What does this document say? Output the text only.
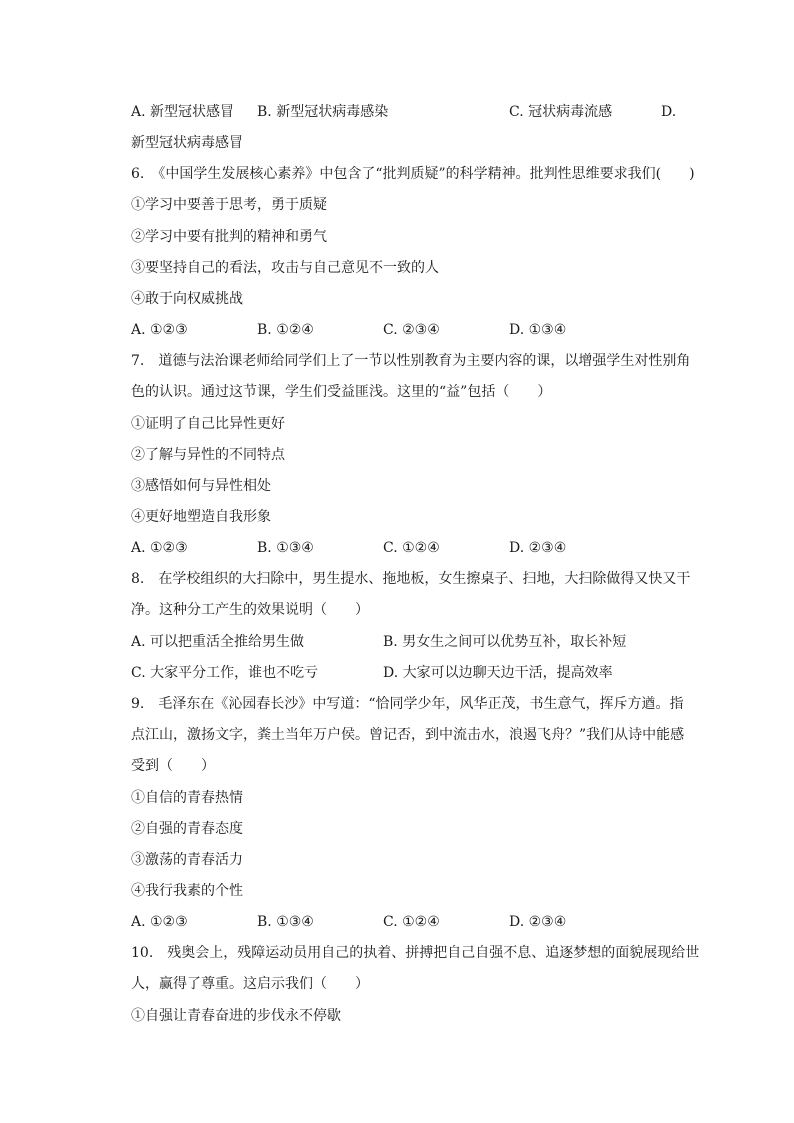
A. 新型冠状感冒 B. 新型冠状病毒感染	C. 冠状病毒流感	D.
新型冠状病毒感冒
6.　《中国学生发展核心素养》中包含了“批判质疑”的科学精神。批判性思维要求我们(　　)
①学习中要善于思考，勇于质疑
②学习中要有批判的精神和勇气
③要坚持自己的看法，攻击与自己意见不一致的人
④敢于向权威挑战
A. ①②③	B. ①②④	C. ②③④	D. ①③④
7.　道德与法治课老师给同学们上了一节以性别教育为主要内容的课，以增强学生对性别角
色的认识。通过这节课，学生们受益匪浅。这里的“益”包括（　　）
①证明了自己比异性更好
②了解与异性的不同特点
③感悟如何与异性相处
④更好地塑造自我形象
A. ①②③	B. ①③④	C. ①②④	D. ②③④
8.　在学校组织的大扫除中，男生提水、拖地板，女生擦桌子、扫地，大扫除做得又快又干
净。这种分工产生的效果说明（　　）
A. 可以把重活全推给男生做	B. 男女生之间可以优势互补，取长补短
C. 大家平分工作，谁也不吃亏	D. 大家可以边聊天边干活，提高效率
9.　毛泽东在《沁园春长沙》中写道：“恰同学少年，风华正茂，书生意气，挥斥方遒。指
点江山，激扬文字，粪土当年万户侯。曾记否，到中流击水，浪遏飞舟？”我们从诗中能感
受到（　　）
①自信的青春热情
②自强的青春态度
③激荡的青春活力
④我行我素的个性
A. ①②③	B. ①③④	C. ①②④	D. ②③④
10.　残奥会上，残障运动员用自己的执着、拼搏把自己自强不息、追逐梦想的面貌展现给世
人，赢得了尊重。这启示我们（　　）
①自强让青春奋进的步伐永不停歇
